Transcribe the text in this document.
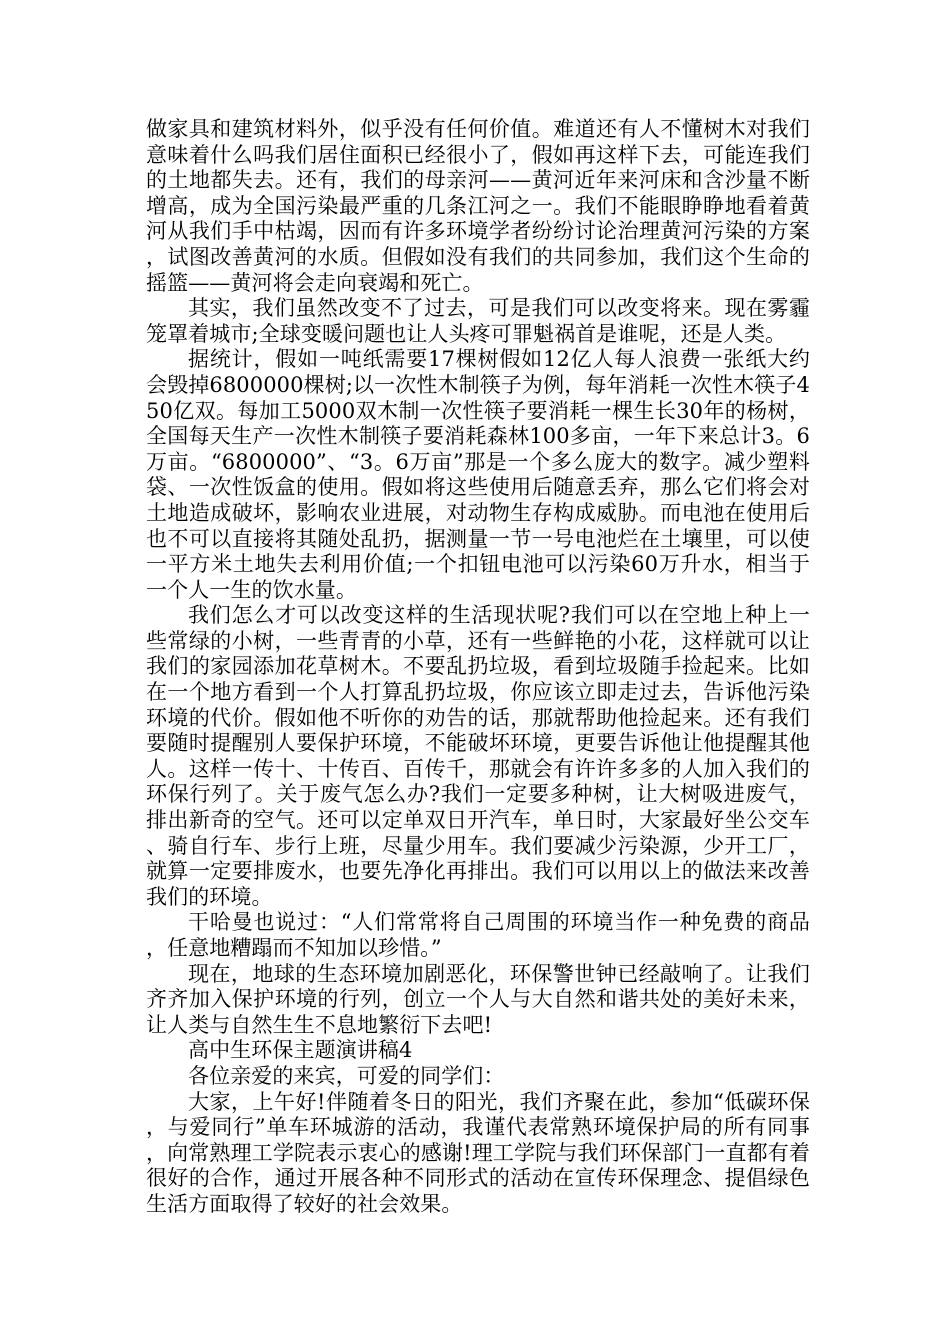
做家具和建筑材料外，似乎没有任何价值。难道还有人不懂树木对我们意味着什么吗我们居住面积已经很小了，假如再这样下去，可能连我们的土地都失去。还有，我们的母亲河——黄河近年来河床和含沙量不断增高，成为全国污染最严重的几条江河之一。我们不能眼睁睁地看着黄河从我们手中枯竭，因而有许多环境学者纷纷讨论治理黄河污染的方案，试图改善黄河的水质。但假如没有我们的共同参加，我们这个生命的摇篮——黄河将会走向衰竭和死亡。

其实，我们虽然改变不了过去，可是我们可以改变将来。现在雾霾笼罩着城市;全球变暖问题也让人头疼可罪魁祸首是谁呢，还是人类。

据统计，假如一吨纸需要17棵树假如12亿人每人浪费一张纸大约会毁掉6800000棵树;以一次性木制筷子为例，每年消耗一次性木筷子450亿双。每加工5000双木制一次性筷子要消耗一棵生长30年的杨树，全国每天生产一次性木制筷子要消耗森林100多亩，一年下来总计3。6万亩。“6800000”、“3。6万亩”那是一个多么庞大的数字。减少塑料袋、一次性饭盒的使用。假如将这些使用后随意丢弃，那么它们将会对土地造成破坏，影响农业进展，对动物生存构成威胁。而电池在使用后也不可以直接将其随处乱扔，据测量一节一号电池烂在土壤里，可以使一平方米土地失去利用价值;一个扣钮电池可以污染60万升水，相当于一个人一生的饮水量。

我们怎么才可以改变这样的生活现状呢?我们可以在空地上种上一些常绿的小树，一些青青的小草，还有一些鲜艳的小花，这样就可以让我们的家园添加花草树木。不要乱扔垃圾，看到垃圾随手捡起来。比如在一个地方看到一个人打算乱扔垃圾，你应该立即走过去，告诉他污染环境的代价。假如他不听你的劝告的话，那就帮助他捡起来。还有我们要随时提醒别人要保护环境，不能破坏环境，更要告诉他让他提醒其他人。这样一传十、十传百、百传千，那就会有许许多多的人加入我们的环保行列了。关于废气怎么办?我们一定要多种树，让大树吸进废气，排出新奇的空气。还可以定单双日开汽车，单日时，大家最好坐公交车、骑自行车、步行上班，尽量少用车。我们要减少污染源，少开工厂，就算一定要排废水，也要先净化再排出。我们可以用以上的做法来改善我们的环境。

干哈曼也说过：“人们常常将自己周围的环境当作一种免费的商品，任意地糟蹋而不知加以珍惜。”

现在，地球的生态环境加剧恶化，环保警世钟已经敲响了。让我们齐齐加入保护环境的行列，创立一个人与大自然和谐共处的美好未来，让人类与自然生生不息地繁衍下去吧!

高中生环保主题演讲稿4

各位亲爱的来宾，可爱的同学们：

大家，上午好!伴随着冬日的阳光，我们齐聚在此，参加“低碳环保，与爱同行”单车环城游的活动，我谨代表常熟环境保护局的所有同事，向常熟理工学院表示衷心的感谢!理工学院与我们环保部门一直都有着很好的合作，通过开展各种不同形式的活动在宣传环保理念、提倡绿色生活方面取得了较好的社会效果。
